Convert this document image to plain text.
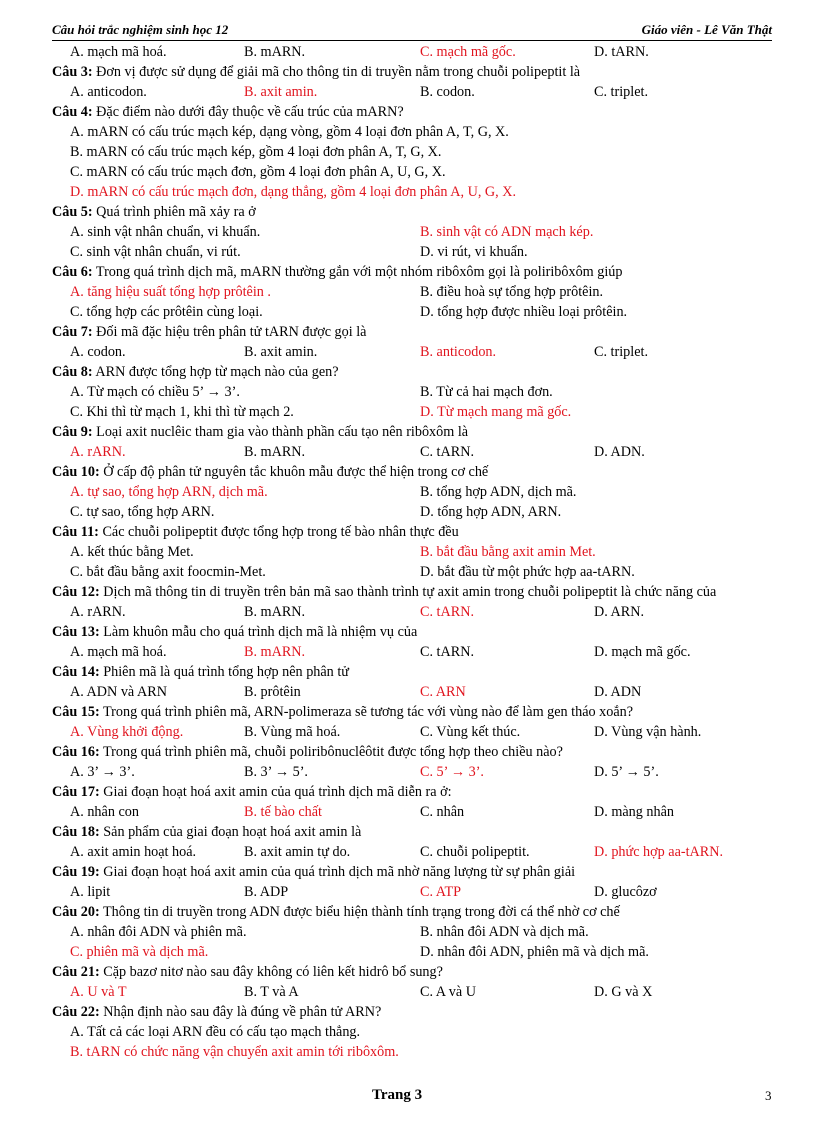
Câu hỏi trắc nghiệm sinh học 12	Giáo viên - Lê Văn Thật
A. mạch mã hoá.	B. mARN.	C. mạch mã gốc.	D. tARN.

Câu 3: Đơn vị được sử dụng để giải mã cho thông tin di truyền nằm trong chuỗi polipeptit là

A. anticodon.	B. axit amin.	B. codon.	C. triplet.

Câu 4: Đặc điểm nào dưới đây thuộc về cấu trúc của mARN?

A. mARN có cấu trúc mạch kép, dạng vòng, gồm 4 loại đơn phân A, T, G, X.
B. mARN có cấu trúc mạch kép, gồm 4 loại đơn phân A, T, G, X.
C. mARN có cấu trúc mạch đơn, gồm 4 loại đơn phân A, U, G, X.
D. mARN có cấu trúc mạch đơn, dạng thẳng, gồm 4 loại đơn phân A, U, G, X.

Câu 5: Quá trình phiên mã xảy ra ở

A. sinh vật nhân chuẩn, vi khuẩn.	B. sinh vật có ADN mạch kép.
C. sinh vật nhân chuẩn, vi rút.	D. vi rút, vi khuẩn.

Câu 6: Trong quá trình dịch mã, mARN thường gắn với một nhóm ribôxôm gọi là poliribôxôm giúp

A. tăng hiệu suất tổng hợp prôtêin .	B. điều hoà sự tổng hợp prôtêin.
C. tổng hợp các prôtêin cùng loại.	D. tổng hợp được nhiều loại prôtêin.

Câu 7: Đối mã đặc hiệu trên phân tử tARN được gọi là

A. codon.	B. axit amin.	B. anticodon.	C. triplet.

Câu 8: ARN được tổng hợp từ mạch nào của gen?

A. Từ mạch có chiều 5’ → 3’.	B. Từ cả hai mạch đơn.
C. Khi thì từ mạch 1, khi thì từ mạch 2.	D. Từ mạch mang mã gốc.

Câu 9: Loại axit nuclêic tham gia vào thành phần cấu tạo nên ribôxôm là

A. rARN.	B. mARN.	C. tARN.	D. ADN.

Câu 10: Ở cấp độ phân tử nguyên tắc khuôn mẫu được thể hiện trong cơ chế

A. tự sao, tổng hợp ARN, dịch mã.	B. tổng hợp ADN, dịch mã.
C. tự sao, tổng hợp ARN.	D. tổng hợp ADN, ARN.

Câu 11: Các chuỗi polipeptit được tổng hợp trong tế bào nhân thực đều

A. kết thúc bằng Met.	B. bắt đầu bằng axit amin Met.
C. bắt đầu bằng axit foocmin-Met.	D. bắt đầu từ một phức hợp aa-tARN.

Câu 12: Dịch mã thông tin di truyền trên bản mã sao thành trình tự axit amin trong chuỗi polipeptit là chức năng của

A. rARN.	B. mARN.	C. tARN.	D. ARN.

Câu 13: Làm khuôn mẫu cho quá trình dịch mã là nhiệm vụ của

A. mạch mã hoá.	B. mARN.	C. tARN.	D. mạch mã gốc.

Câu 14: Phiên mã là quá trình tổng hợp nên phân tử

A. ADN và ARN	B. prôtêin	C. ARN	D. ADN

Câu 15: Trong quá trình phiên mã, ARN-polimeraza sẽ tương tác với vùng nào để làm gen tháo xoắn?

A. Vùng khởi động.	B. Vùng mã hoá.	C. Vùng kết thúc.	D. Vùng vận hành.

Câu 16: Trong quá trình phiên mã, chuỗi poliribônuclêôtit được tổng hợp theo chiều nào?

A. 3’ → 3’.	B. 3’ → 5’.	C. 5’ → 3’.	D. 5’ → 5’.

Câu 17: Giai đoạn hoạt hoá axit amin của quá trình dịch mã diễn ra ở:

A. nhân con	B. tế bào chất	C. nhân	D. màng nhân

Câu 18: Sản phẩm của giai đoạn hoạt hoá axit amin là

A. axit amin hoạt hoá.	B. axit amin tự do.	C. chuỗi polipeptit.	D. phức hợp aa-tARN.

Câu 19: Giai đoạn hoạt hoá axit amin của quá trình dịch mã nhờ năng lượng từ sự phân giải

A. lipit	B. ADP	C. ATP	D. glucôzơ

Câu 20: Thông tin di truyền trong ADN được biểu hiện thành tính trạng trong đời cá thể nhờ cơ chế

A. nhân đôi ADN và phiên mã.	B. nhân đôi ADN và dịch mã.
C. phiên mã và dịch mã.	D. nhân đôi ADN, phiên mã và dịch mã.

Câu 21: Cặp bazơ nitơ nào sau đây không có liên kết hidrô bổ sung?

A. U và T	B. T và A	C. A và U	D. G và X

Câu 22: Nhận định nào sau đây là đúng về phân tử ARN?

A. Tất cả các loại ARN đều có cấu tạo mạch thẳng.
B. tARN có chức năng vận chuyển axit amin tới ribôxôm.
Trang 3	3
